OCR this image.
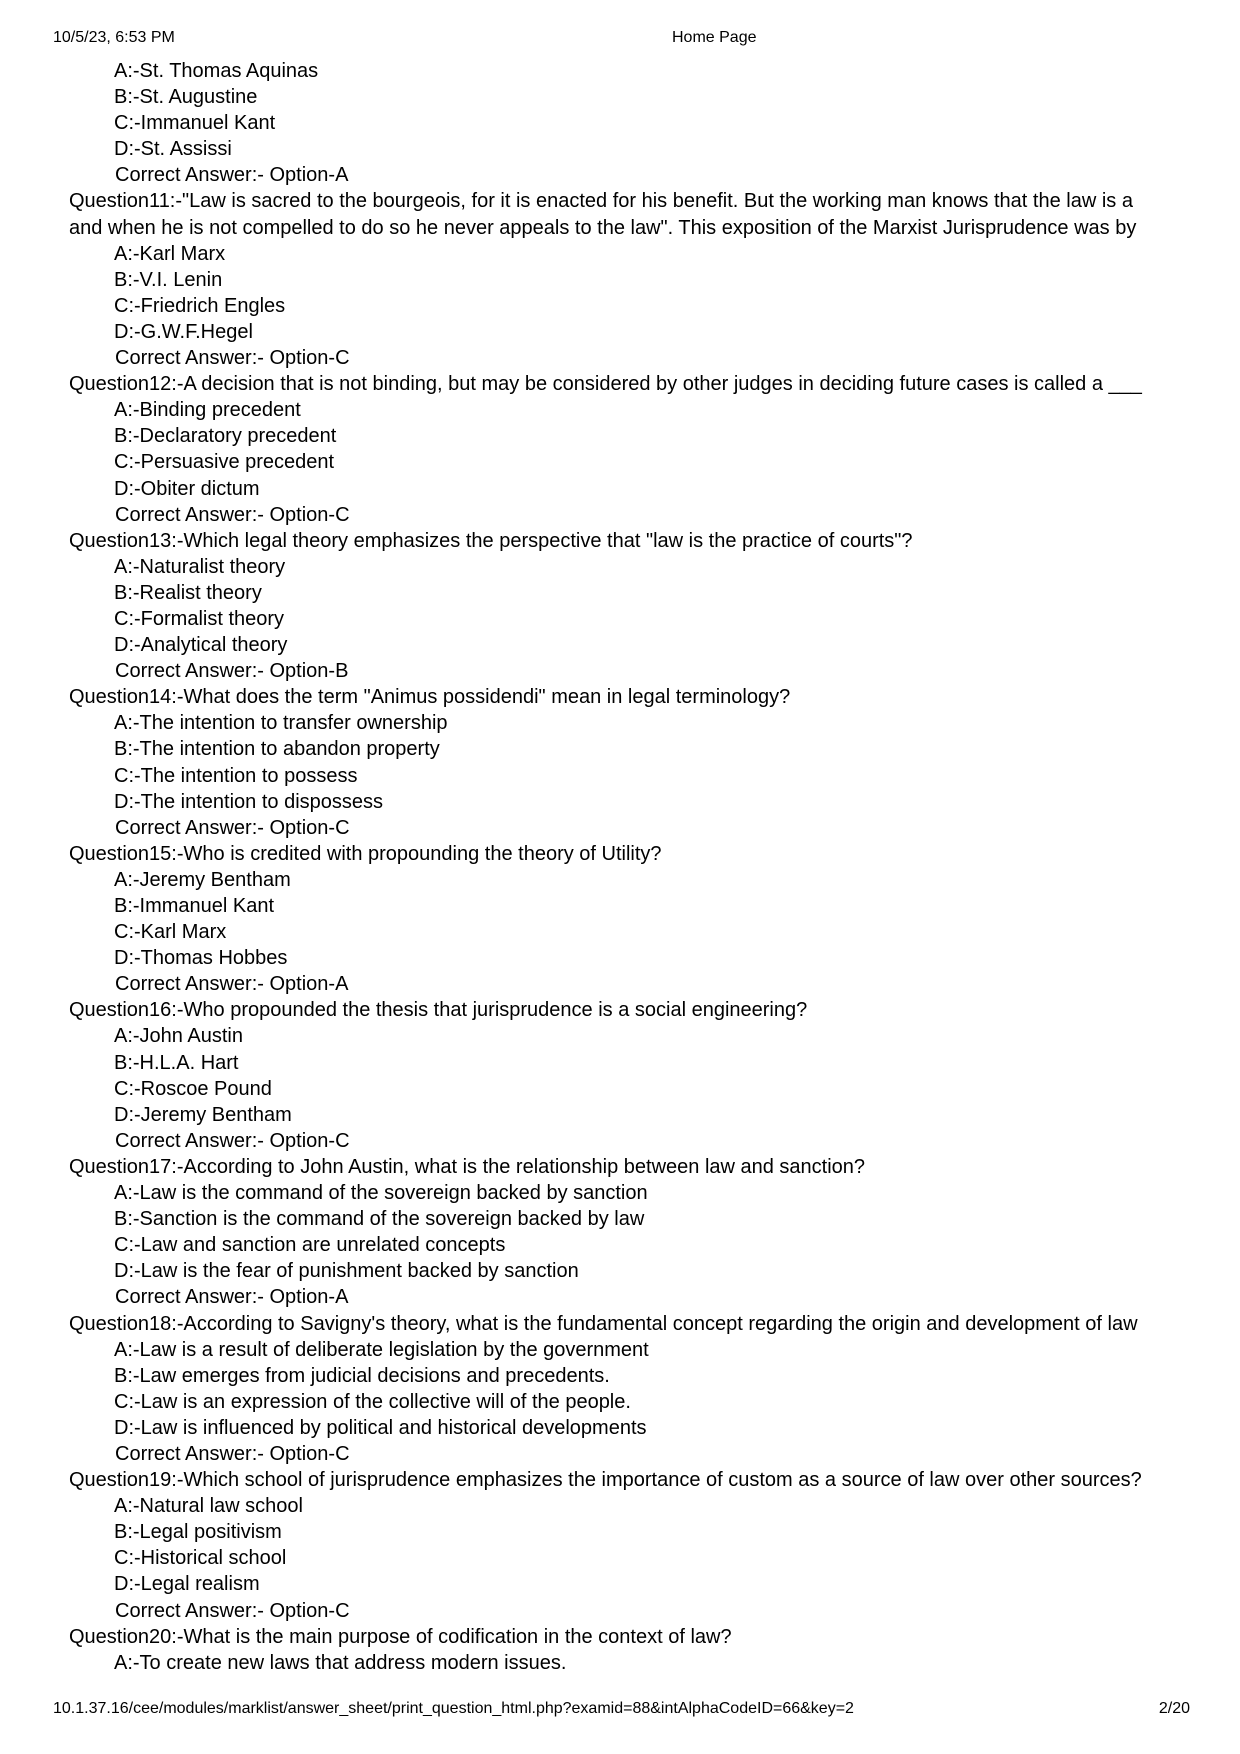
10/5/23, 6:53 PM	Home Page
A:-St. Thomas Aquinas
B:-St. Augustine
C:-Immanuel Kant
D:-St. Assissi
Correct Answer:- Option-A
Question11:-"Law is sacred to the bourgeois, for it is enacted for his benefit. But the working man knows that the law is a
and when he is not compelled to do so he never appeals to the law". This exposition of the Marxist Jurisprudence was by
A:-Karl Marx
B:-V.I. Lenin
C:-Friedrich Engles
D:-G.W.F.Hegel
Correct Answer:- Option-C
Question12:-A decision that is not binding, but may be considered by other judges in deciding future cases is called a ___
A:-Binding precedent
B:-Declaratory precedent
C:-Persuasive precedent
D:-Obiter dictum
Correct Answer:- Option-C
Question13:-Which legal theory emphasizes the perspective that "law is the practice of courts"?
A:-Naturalist theory
B:-Realist theory
C:-Formalist theory
D:-Analytical theory
Correct Answer:- Option-B
Question14:-What does the term "Animus possidendi" mean in legal terminology?
A:-The intention to transfer ownership
B:-The intention to abandon property
C:-The intention to possess
D:-The intention to dispossess
Correct Answer:- Option-C
Question15:-Who is credited with propounding the theory of Utility?
A:-Jeremy Bentham
B:-Immanuel Kant
C:-Karl Marx
D:-Thomas Hobbes
Correct Answer:- Option-A
Question16:-Who propounded the thesis that jurisprudence is a social engineering?
A:-John Austin
B:-H.L.A. Hart
C:-Roscoe Pound
D:-Jeremy Bentham
Correct Answer:- Option-C
Question17:-According to John Austin, what is the relationship between law and sanction?
A:-Law is the command of the sovereign backed by sanction
B:-Sanction is the command of the sovereign backed by law
C:-Law and sanction are unrelated concepts
D:-Law is the fear of punishment backed by sanction
Correct Answer:- Option-A
Question18:-According to Savigny's theory, what is the fundamental concept regarding the origin and development of law
A:-Law is a result of deliberate legislation by the government
B:-Law emerges from judicial decisions and precedents.
C:-Law is an expression of the collective will of the people.
D:-Law is influenced by political and historical developments
Correct Answer:- Option-C
Question19:-Which school of jurisprudence emphasizes the importance of custom as a source of law over other sources?
A:-Natural law school
B:-Legal positivism
C:-Historical school
D:-Legal realism
Correct Answer:- Option-C
Question20:-What is the main purpose of codification in the context of law?
A:-To create new laws that address modern issues.
10.1.37.16/cee/modules/marklist/answer_sheet/print_question_html.php?examid=88&intAlphaCodeID=66&key=2	2/20
